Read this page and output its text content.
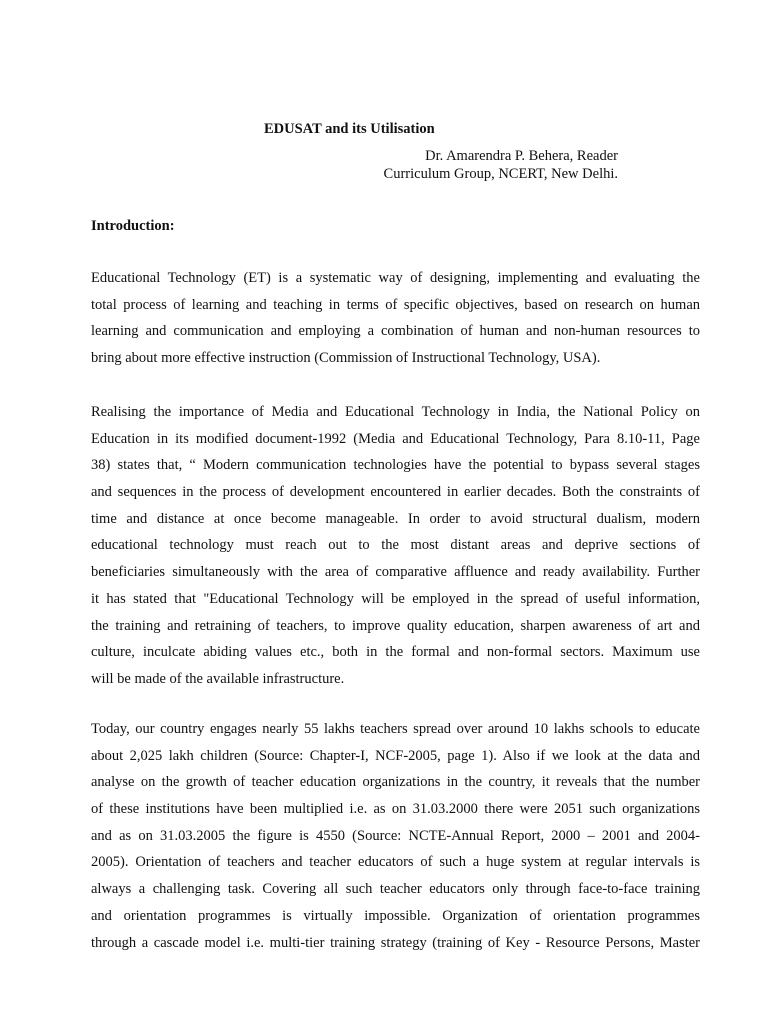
EDUSAT and its Utilisation
Dr. Amarendra P. Behera, Reader
Curriculum Group, NCERT, New Delhi.
Introduction:
Educational Technology (ET) is a systematic way of designing, implementing and evaluating the
total process of learning and teaching in terms of specific objectives, based on research on human
learning and communication and employing a combination of human and non-human resources to
bring about more effective instruction (Commission of Instructional Technology, USA).
Realising the importance of Media and Educational Technology in India, the National Policy on
Education in its modified document-1992 (Media and Educational Technology, Para 8.10-11, Page
38) states that, “ Modern communication technologies have the potential to bypass several stages
and sequences in the process of development encountered in earlier decades. Both the constraints of
time and distance at once become manageable. In order to avoid structural dualism, modern
educational technology must reach out to the most distant areas and deprive sections of
beneficiaries simultaneously with the area of comparative affluence and ready availability. Further
it has stated that "Educational Technology will be employed in the spread of useful information,
the training and retraining of teachers, to improve quality education, sharpen awareness of art and
culture, inculcate abiding values etc., both in the formal and non-formal sectors. Maximum use
will be made of the available infrastructure.
Today, our country engages nearly 55 lakhs teachers spread over around 10 lakhs schools to educate
about 2,025 lakh children (Source: Chapter-I, NCF-2005, page 1). Also if we look at the data and
analyse on the growth of teacher education organizations in the country, it reveals that the number
of these institutions have been multiplied i.e. as on 31.03.2000 there were 2051 such organizations
and as on 31.03.2005 the figure is 4550 (Source: NCTE-Annual Report, 2000 – 2001 and 2004-
2005). Orientation of teachers and teacher educators of such a huge system at regular intervals is
always a challenging task. Covering all such teacher educators only through face-to-face training
and orientation programmes is virtually impossible. Organization of orientation programmes
through a cascade model i.e. multi-tier training strategy (training of Key - Resource Persons, Master
